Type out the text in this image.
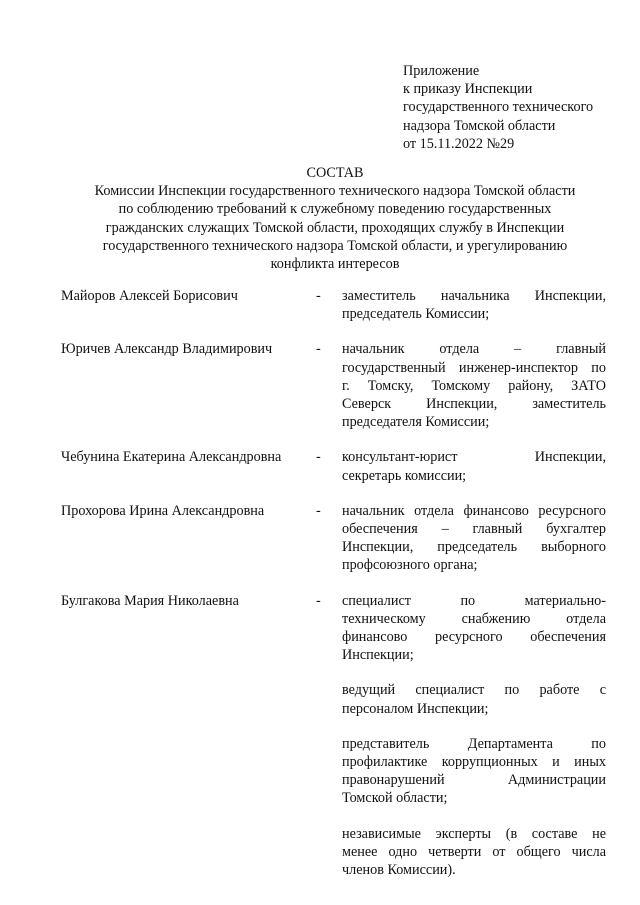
Приложение
к приказу Инспекции
государственного технического
надзора Томской области
от 15.11.2022 №29
СОСТАВ
Комиссии Инспекции государственного технического надзора Томской области
по соблюдению требований к служебному поведению государственных
гражданских служащих Томской области, проходящих службу в Инспекции
государственного технического надзора Томской области, и урегулированию
конфликта интересов
Майоров Алексей Борисович	-	заместитель начальника Инспекции,
председатель Комиссии;
Юричев Александр Владимирович	-	начальник отдела – главный
государственный инженер-инспектор по
г. Томску, Томскому району, ЗАТО
Северск Инспекции, заместитель
председателя Комиссии;
Чебунина Екатерина Александровна	-	консультант-юрист Инспекции,
секретарь комиссии;
Прохорова Ирина Александровна	-	начальник отдела финансово ресурсного
обеспечения – главный бухгалтер
Инспекции, председатель выборного
профсоюзного органа;
Булгакова Мария Николаевна	-	специалист по материально-
техническому снабжению отдела
финансово ресурсного обеспечения
Инспекции;
ведущий специалист по работе с
персоналом Инспекции;
представитель Департамента по
профилактике коррупционных и иных
правонарушений Администрации
Томской области;
независимые эксперты (в составе не
менее одно четверти от общего числа
членов Комиссии).
